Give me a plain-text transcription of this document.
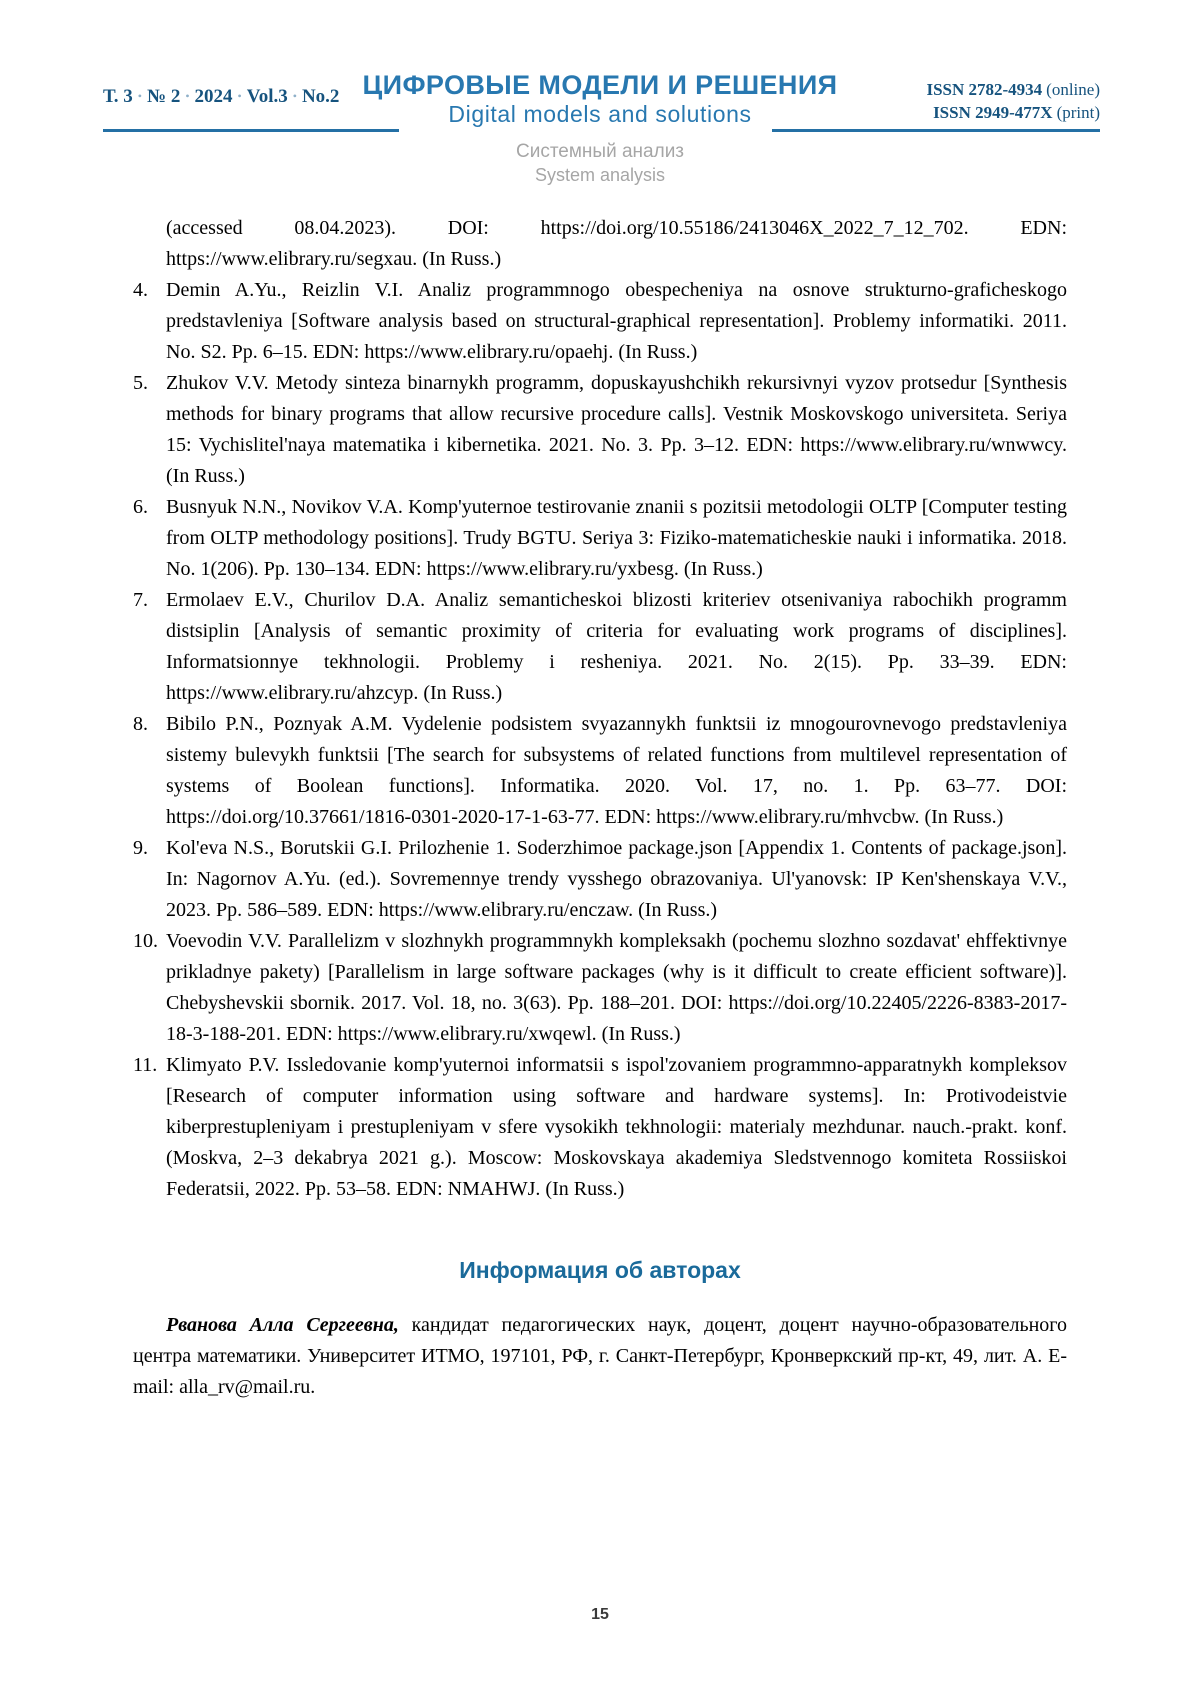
Т. 3 • № 2 • 2024 • Vol.3 • No.2 ЦИФРОВЫЕ МОДЕЛИ И РЕШЕНИЯ
Digital models and solutions
ISSN 2782-4934 (online)
ISSN 2949-477X (print)
Системный анализ
System analysis
(accessed 08.04.2023). DOI: https://doi.org/10.55186/2413046X_2022_7_12_702. EDN: https://www.elibrary.ru/segxau. (In Russ.)
4. Demin A.Yu., Reizlin V.I. Analiz programmnogo obespecheniya na osnove strukturno-graficheskogo predstavleniya [Software analysis based on structural-graphical representation]. Problemy informatiki. 2011. No. S2. Pp. 6–15. EDN: https://www.elibrary.ru/opaehj. (In Russ.)
5. Zhukov V.V. Metody sinteza binarnykh programm, dopuskayushchikh rekursivnyi vyzov protsedur [Synthesis methods for binary programs that allow recursive procedure calls]. Vestnik Moskovskogo universiteta. Seriya 15: Vychislitel'naya matematika i kibernetika. 2021. No. 3. Pp. 3–12. EDN: https://www.elibrary.ru/wnwwcy. (In Russ.)
6. Busnyuk N.N., Novikov V.A. Komp'yuternoe testirovanie znanii s pozitsii metodologii OLTP [Computer testing from OLTP methodology positions]. Trudy BGTU. Seriya 3: Fiziko-matematicheskie nauki i informatika. 2018. No. 1(206). Pp. 130–134. EDN: https://www.elibrary.ru/yxbesg. (In Russ.)
7. Ermolaev E.V., Churilov D.A. Analiz semanticheskoi blizosti kriteriev otsenivaniya rabochikh programm distsiplin [Analysis of semantic proximity of criteria for evaluating work programs of disciplines]. Informatsionnye tekhnologii. Problemy i resheniya. 2021. No. 2(15). Pp. 33–39. EDN: https://www.elibrary.ru/ahzcyp. (In Russ.)
8. Bibilo P.N., Poznyak A.M. Vydelenie podsistem svyazannykh funktsii iz mnogourovnevogo predstavleniya sistemy bulevykh funktsii [The search for subsystems of related functions from multilevel representation of systems of Boolean functions]. Informatika. 2020. Vol. 17, no. 1. Pp. 63–77. DOI: https://doi.org/10.37661/1816-0301-2020-17-1-63-77. EDN: https://www.elibrary.ru/mhvcbw. (In Russ.)
9. Kol'eva N.S., Borutskii G.I. Prilozhenie 1. Soderzhimoe package.json [Appendix 1. Contents of package.json]. In: Nagornov A.Yu. (ed.). Sovremennye trendy vysshego obrazovaniya. Ul'yanovsk: IP Ken'shenskaya V.V., 2023. Pp. 586–589. EDN: https://www.elibrary.ru/enczaw. (In Russ.)
10. Voevodin V.V. Parallelizm v slozhnykh programmnykh kompleksakh (pochemu slozhno sozdavat' ehffektivnye prikladnye pakety) [Parallelism in large software packages (why is it difficult to create efficient software)]. Chebyshevskii sbornik. 2017. Vol. 18, no. 3(63). Pp. 188–201. DOI: https://doi.org/10.22405/2226-8383-2017-18-3-188-201. EDN: https://www.elibrary.ru/xwqewl. (In Russ.)
11. Klimyato P.V. Issledovanie komp'yuternoi informatsii s ispol'zovaniem programmno-apparatnykh kompleksov [Research of computer information using software and hardware systems]. In: Protivodeistvie kiberprestupleniyam i prestupleniyam v sfere vysokikh tekhnologii: materialy mezhdunar. nauch.-prakt. konf. (Moskva, 2–3 dekabrya 2021 g.). Moscow: Moskovskaya akademiya Sledstvennogo komiteta Rossiiskoi Federatsii, 2022. Pp. 53–58. EDN: NMAHWJ. (In Russ.)
Информация об авторах
Рванова Алла Сергеевна, кандидат педагогических наук, доцент, доцент научно-образовательного центра математики. Университет ИТМО, 197101, РФ, г. Санкт-Петербург, Кронверкский пр-кт, 49, лит. А. E-mail: alla_rv@mail.ru.
15
